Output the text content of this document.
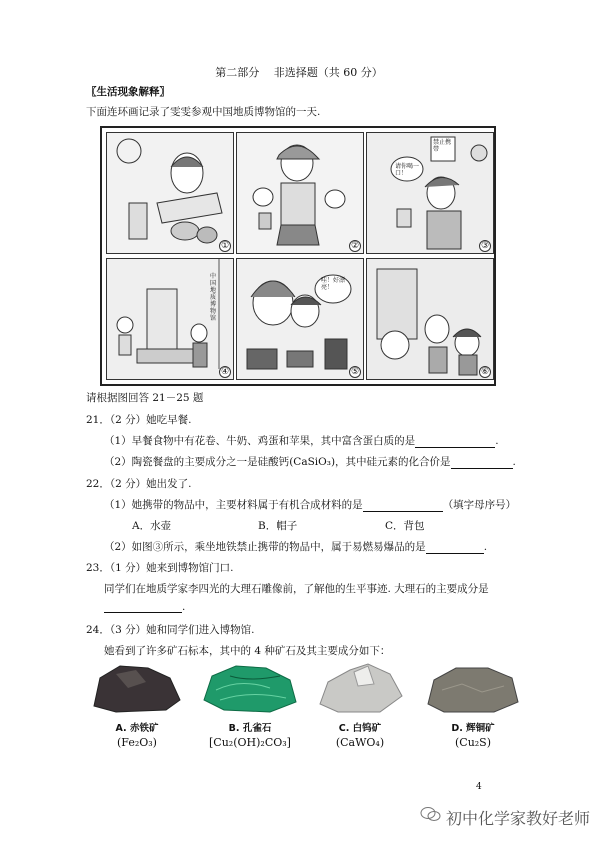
第二部分　 非选择题（共 60 分）
〖生活现象解释〗
下面连环画记录了雯雯参观中国地质博物馆的一天.
①	②
禁止携带
请你喝一口！
③
中国地质博物馆
④
哇！好漂亮！
⑤	⑥
请根据图回答 21－25 题
21．（2 分）她吃早餐.
（1）早餐食物中有花卷、牛奶、鸡蛋和苹果，其中富含蛋白质的是	.
（2）陶瓷餐盘的主要成分之一是硅酸钙(CaSiO₃)，其中硅元素的化合价是	.
22．（2 分）她出发了.
（1）她携带的物品中，主要材料属于有机合成材料的是	（填字母序号）
A．水壶	B．帽子	C．背包
（2）如图③所示，乘坐地铁禁止携带的物品中，属于易燃易爆品的是	.
23．（1 分）她来到博物馆门口.
同学们在地质学家李四光的大理石雕像前，了解他的生平事迹. 大理石的主要成分是
.
24．（3 分）她和同学们进入博物馆.
她看到了许多矿石标本，其中的 4 种矿石及其主要成分如下：
A. 赤铁矿	B. 孔雀石	C. 白钨矿	D. 辉铜矿
(Fe₂O₃)	[Cu₂(OH)₂CO₃]	(CaWO₄)	(Cu₂S)
4
初中化学家教好老师
